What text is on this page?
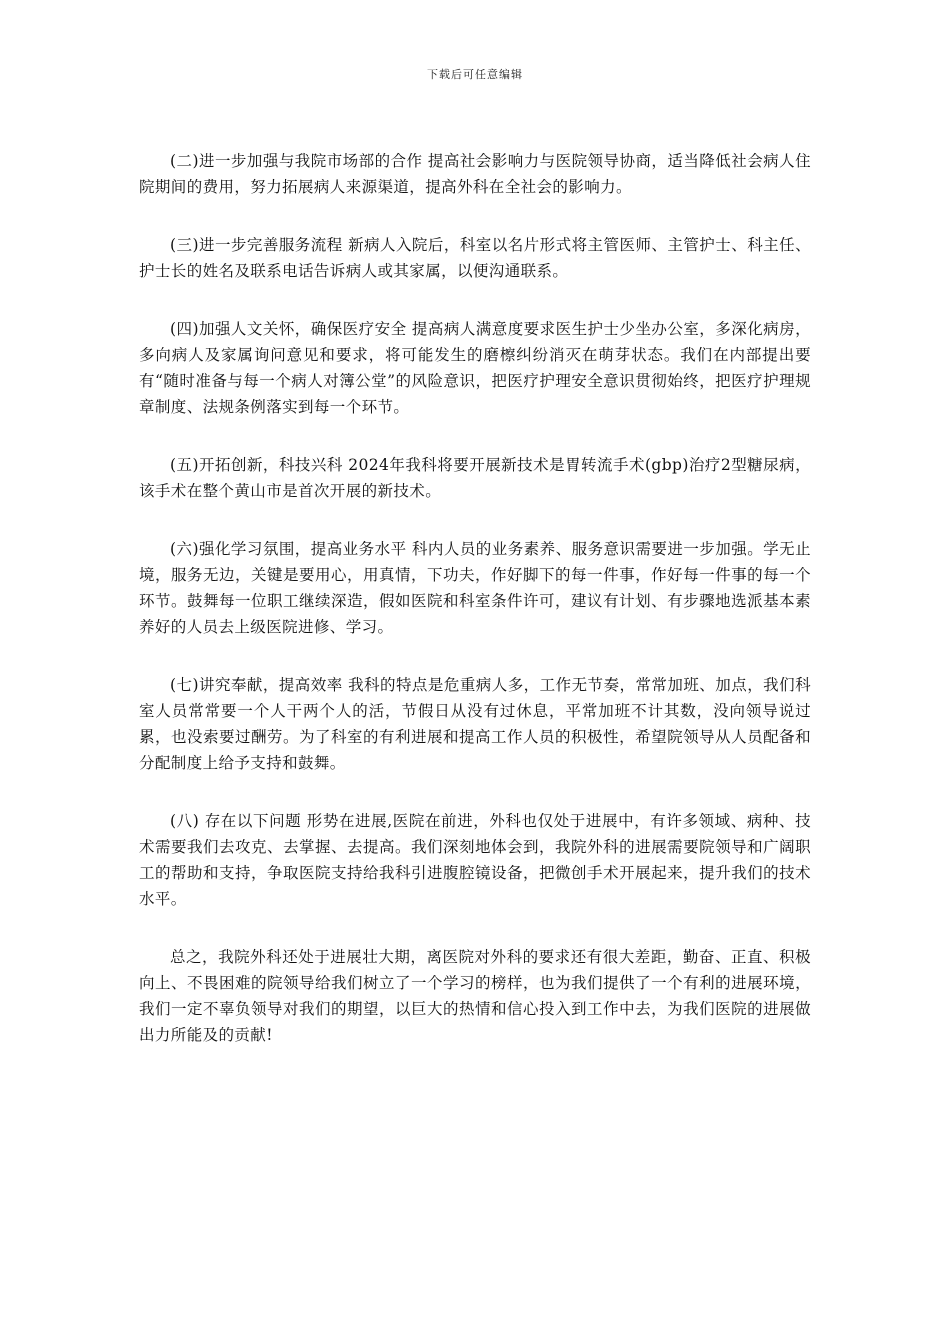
下载后可任意编辑

(二)进一步加强与我院市场部的合作 提高社会影响力与医院领导协商，适当降低社会病人住院期间的费用，努力拓展病人来源渠道，提高外科在全社会的影响力。

(三)进一步完善服务流程 新病人入院后，科室以名片形式将主管医师、主管护士、科主任、护士长的姓名及联系电话告诉病人或其家属，以便沟通联系。

(四)加强人文关怀，确保医疗安全 提高病人满意度要求医生护士少坐办公室，多深化病房，多向病人及家属询问意见和要求，将可能发生的磨檫纠纷消灭在萌芽状态。我们在内部提出要有“随时准备与每一个病人对簿公堂”的风险意识，把医疗护理安全意识贯彻始终，把医疗护理规章制度、法规条例落实到每一个环节。

(五)开拓创新，科技兴科 2024年我科将要开展新技术是胃转流手术(gbp)治疗2型糖尿病，该手术在整个黄山市是首次开展的新技术。

(六)强化学习氛围，提高业务水平 科内人员的业务素养、服务意识需要进一步加强。学无止境，服务无边，关键是要用心，用真情，下功夫，作好脚下的每一件事，作好每一件事的每一个环节。鼓舞每一位职工继续深造，假如医院和科室条件许可，建议有计划、有步骤地选派基本素养好的人员去上级医院进修、学习。

(七)讲究奉献，提高效率 我科的特点是危重病人多，工作无节奏，常常加班、加点，我们科室人员常常要一个人干两个人的活，节假日从没有过休息，平常加班不计其数，没向领导说过累，也没索要过酬劳。为了科室的有利进展和提高工作人员的积极性，希望院领导从人员配备和分配制度上给予支持和鼓舞。

(八) 存在以下问题 形势在进展,医院在前进，外科也仅处于进展中，有许多领域、病种、技术需要我们去攻克、去掌握、去提高。我们深刻地体会到，我院外科的进展需要院领导和广阔职工的帮助和支持，争取医院支持给我科引进腹腔镜设备，把微创手术开展起来，提升我们的技术水平。

总之，我院外科还处于进展壮大期，离医院对外科的要求还有很大差距，勤奋、正直、积极向上、不畏困难的院领导给我们树立了一个学习的榜样，也为我们提供了一个有利的进展环境，我们一定不辜负领导对我们的期望，以巨大的热情和信心投入到工作中去，为我们医院的进展做出力所能及的贡献!
